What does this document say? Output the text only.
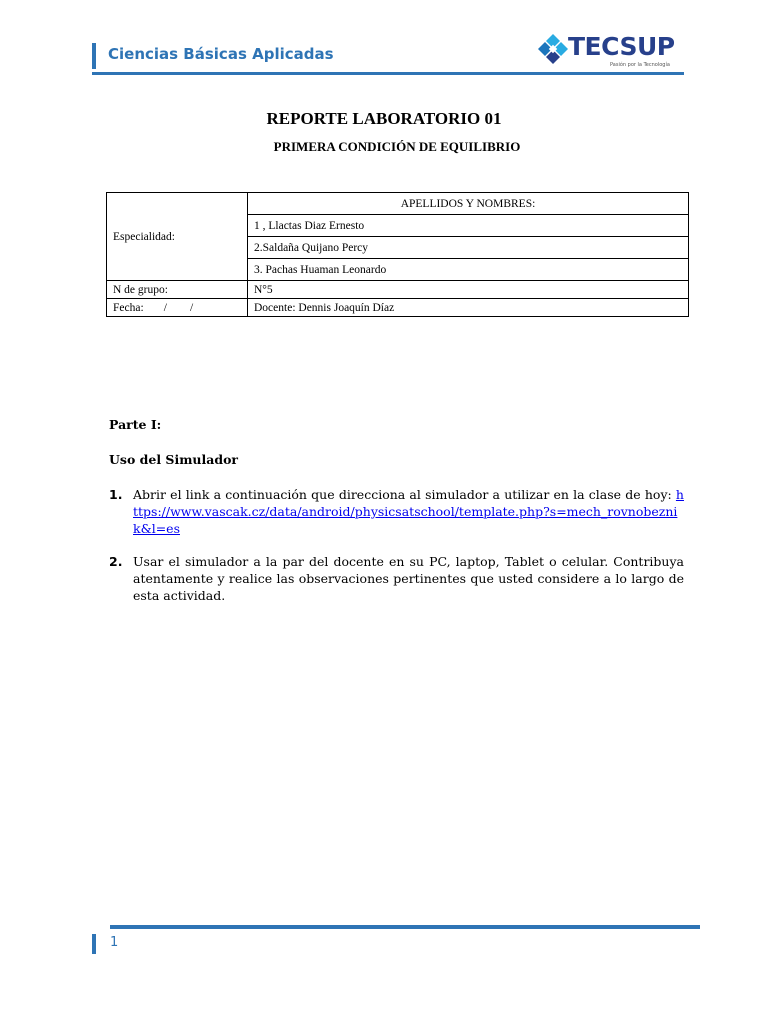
Ciencias Básicas Aplicadas	TECSUP
Pasión por la Tecnología
REPORTE LABORATORIO 01
PRIMERA CONDICIÓN DE EQUILIBRIO
Especialidad:	APELLIDOS Y NOMBRES:
	1 , Llactas Diaz Ernesto
	2.Saldaña Quijano Percy
	3. Pachas Huaman Leonardo
N de grupo:	N°5
Fecha:       /        /	Docente: Dennis Joaquín Díaz
Parte I:
Uso del Simulador
1. Abrir el link a continuación que direcciona al simulador a utilizar en la clase de hoy: https://www.vascak.cz/data/android/physicsatschool/template.php?s=mech_rovnobeznik&l=es
2. Usar el simulador a la par del docente en su PC, laptop, Tablet o celular. Contribuya atentamente y realice las observaciones pertinentes que usted considere a lo largo de esta actividad.
1
